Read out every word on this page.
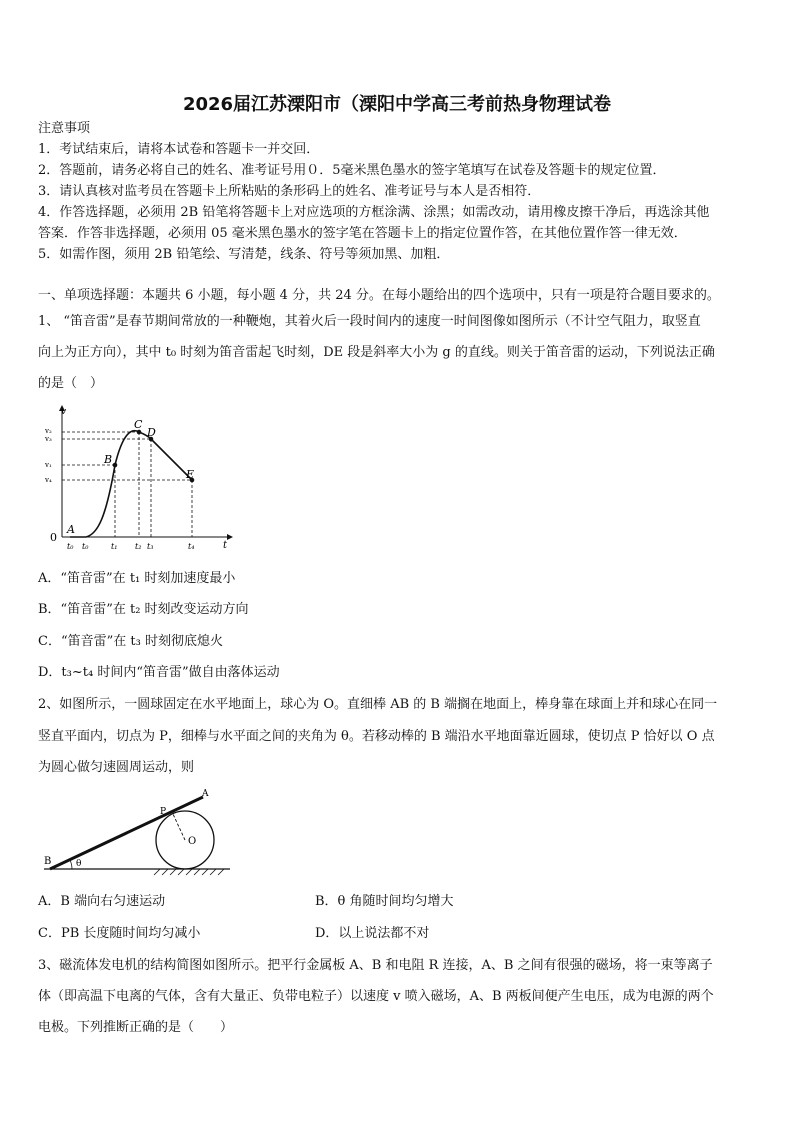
2026届江苏溧阳市（溧阳中学高三考前热身物理试卷
注意事项
1．考试结束后，请将本试卷和答题卡一并交回．
2．答题前，请务必将自己的姓名、准考证号用０．5毫米黑色墨水的签字笔填写在试卷及答题卡的规定位置．
3．请认真核对监考员在答题卡上所粘贴的条形码上的姓名、准考证号与本人是否相符．
4．作答选择题，必须用 2B 铅笔将答题卡上对应选项的方框涂满、涂黑；如需改动，请用橡皮擦干净后，再选涂其他
答案．作答非选择题，必须用 05 毫米黑色墨水的签字笔在答题卡上的指定位置作答，在其他位置作答一律无效．
5．如需作图，须用 2B 铅笔绘、写清楚，线条、符号等须加黑、加粗．
一、单项选择题：本题共 6 小题，每小题 4 分，共 24 分。在每小题给出的四个选项中，只有一项是符合题目要求的。
1、 “笛音雷”是春节期间常放的一种鞭炮，其着火后一段时间内的速度一时间图像如图所示（不计空气阻力，取竖直
向上为正方向），其中 t₀ 时刻为笛音雷起飞时刻，DE 段是斜率大小为 g 的直线。则关于笛音雷的运动，下列说法正确
的是（　）
v
t
0
A
B
C
D
E
v₂
v₃
v₁
v₄
t₀ t₀	t₁ t₂ t₃	t₄
A．“笛音雷”在 t₁ 时刻加速度最小
B．“笛音雷”在 t₂ 时刻改变运动方向
C．“笛音雷”在 t₃ 时刻彻底熄火
D．t₃~t₄ 时间内“笛音雷”做自由落体运动
2、如图所示，一圆球固定在水平地面上，球心为 O。直细棒 AB 的 B 端搁在地面上，棒身靠在球面上并和球心在同一
竖直平面内，切点为 P，细棒与水平面之间的夹角为 θ。若移动棒的 B 端沿水平地面靠近圆球，使切点 P 恰好以 O 点
为圆心做匀速圆周运动，则
B
A
P
O
θ
A．B 端向右匀速运动	B．θ 角随时间均匀增大
C．PB 长度随时间均匀减小	D．以上说法都不对
3、磁流体发电机的结构简图如图所示。把平行金属板 A、B 和电阻 R 连接，A、B 之间有很强的磁场，将一束等离子
体（即高温下电离的气体，含有大量正、负带电粒子）以速度 v 喷入磁场，A、B 两板间便产生电压，成为电源的两个
电极。下列推断正确的是（　　）
